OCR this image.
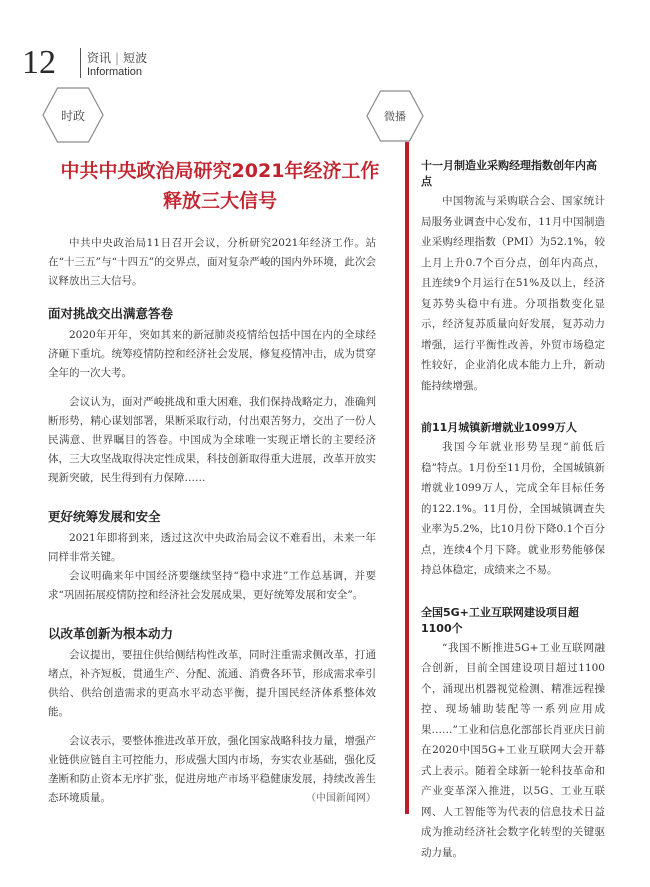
12	资讯 | 短波
Information
时政	微播
中共中央政治局研究2021年经济工作
释放三大信号

中共中央政治局11日召开会议，分析研究2021年经济工作。站在“十三五”与“十四五”的交界点，面对复杂严峻的国内外环境，此次会议释放出三大信号。

面对挑战交出满意答卷

2020年开年，突如其来的新冠肺炎疫情给包括中国在内的全球经济砸下重坑。统筹疫情防控和经济社会发展，修复疫情冲击，成为贯穿全年的一次大考。

会议认为，面对严峻挑战和重大困难，我们保持战略定力，准确判断形势，精心谋划部署，果断采取行动，付出艰苦努力，交出了一份人民满意、世界瞩目的答卷。中国成为全球唯一实现正增长的主要经济体，三大攻坚战取得决定性成果，科技创新取得重大进展，改革开放实现新突破，民生得到有力保障……

更好统筹发展和安全

2021年即将到来，透过这次中央政治局会议不难看出，未来一年同样非常关键。

会议明确来年中国经济要继续坚持“稳中求进”工作总基调，并要求“巩固拓展疫情防控和经济社会发展成果，更好统筹发展和安全”。

以改革创新为根本动力

会议提出，要扭住供给侧结构性改革，同时注重需求侧改革，打通堵点，补齐短板，贯通生产、分配、流通、消费各环节，形成需求牵引供给、供给创造需求的更高水平动态平衡，提升国民经济体系整体效能。

会议表示，要整体推进改革开放，强化国家战略科技力量，增强产业链供应链自主可控能力，形成强大国内市场，夯实农业基础，强化反垄断和防止资本无序扩张，促进房地产市场平稳健康发展，持续改善生态环境质量。	（中国新闻网）
十一月制造业采购经理指数创年内高点

中国物流与采购联合会、国家统计局服务业调查中心发布，11月中国制造业采购经理指数（PMI）为52.1%，较上月上升0.7个百分点，创年内高点，且连续9个月运行在51%及以上，经济复苏势头稳中有进。分项指数变化显示，经济复苏质量向好发展，复苏动力增强，运行平衡性改善，外贸市场稳定性较好，企业消化成本能力上升，新动能持续增强。

前11月城镇新增就业1099万人

我国今年就业形势呈现“前低后稳”特点。1月份至11月份，全国城镇新增就业1099万人，完成全年目标任务的122.1%。11月份，全国城镇调查失业率为5.2%，比10月份下降0.1个百分点，连续4个月下降。就业形势能够保持总体稳定，成绩来之不易。

全国5G+工业互联网建设项目超1100个

“我国不断推进5G+工业互联网融合创新，目前全国建设项目超过1100个，涌现出机器视觉检测、精准远程操控、现场辅助装配等一系列应用成果……”工业和信息化部部长肖亚庆日前在2020中国5G+工业互联网大会开幕式上表示。随着全球新一轮科技革命和产业变革深入推进，以5G、工业互联网、人工智能等为代表的信息技术日益成为推动经济社会数字化转型的关键驱动力量。
